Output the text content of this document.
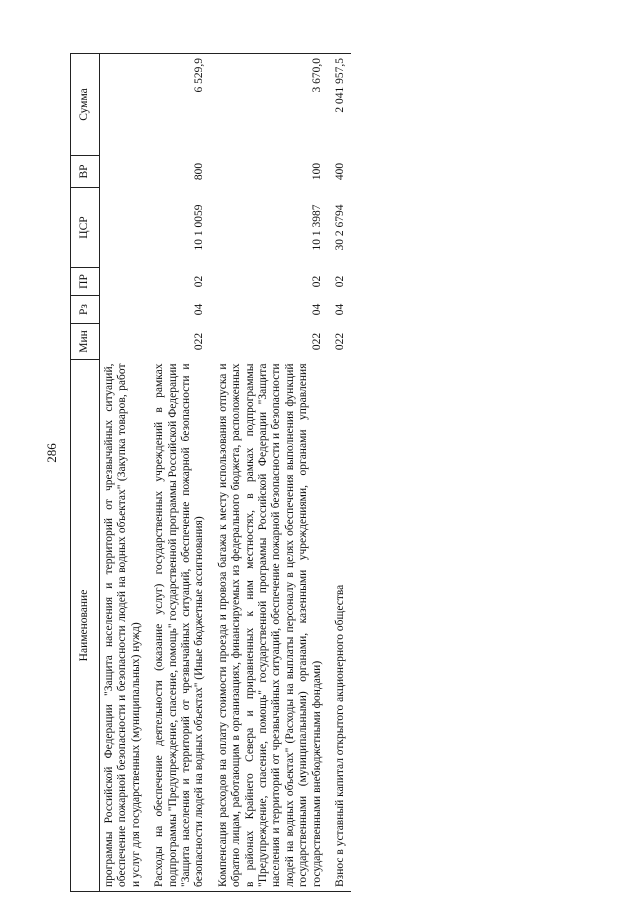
286
Наименование	Мин	Рз	ПР	ЦСР	ВР	Сумма
программы Российской Федерации "Защита населения и территорий от чрезвычайных ситуаций, обеспечение пожарной безопасности и безопасности людей на водных объектах" (Закупка товаров, работ и услуг для государственных (муниципальных) нужд)						

Расходы на обеспечение деятельности (оказание услуг) государственных учреждений в рамках подпрограммы "Предупреждение, спасение, помощь" государственной программы Российской Федерации "Защита населения и территорий от чрезвычайных ситуаций, обеспечение пожарной безопасности и безопасности людей на водных объектах" (Иные бюджетные ассигнования)	022	04	02	10 1 0059	800	6 529,9

Компенсация расходов на оплату стоимости проезда и провоза багажа к месту использования отпуска и обратно лицам, работающим в организациях, финансируемых из федерального бюджета, расположенных в районах Крайнего Севера и приравненных к ним местностях, в рамках подпрограммы "Предупреждение, спасение, помощь" государственной программы Российской Федерации "Защита населения и территорий от чрезвычайных ситуаций, обеспечение пожарной безопасности и безопасности людей на водных объектах" (Расходы на выплаты персоналу в целях обеспечения выполнения функций государственными (муниципальными) органами, казенными учреждениями, органами управления государственными внебюджетными фондами)	022	04	02	10 1 3987	100	3 670,0

Взнос в уставный капитал открытого акционерного общества	022	04	02	30 2 6794	400	2 041 957,5
